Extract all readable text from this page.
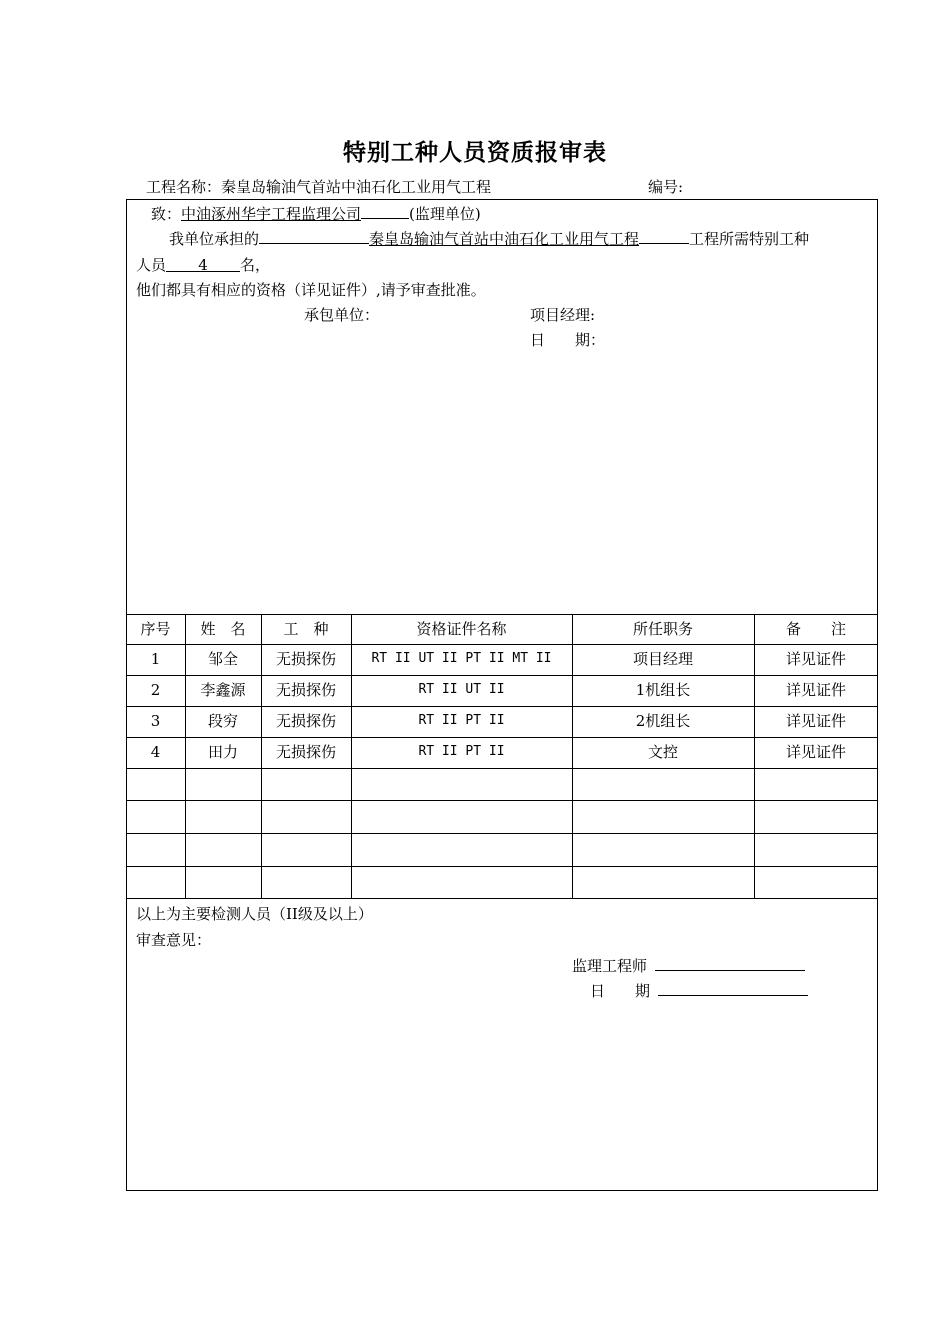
特别工种人员资质报审表
工程名称：秦皇岛输油气首站中油石化工业用气工程	编号:
致：中油涿州华宇工程监理公司	(监理单位)
我单位承担的	秦皇岛输油气首站中油石化工业用气工程	工程所需特别工种
人员 4 名，
他们都具有相应的资格（详见证件）,请予审查批准。
承包单位：	项目经理:
日　　期：
序号	姓　名	工　种	资格证件名称	所任职务	备　　注
1	邹全	无损探伤	RT II UT II PT II MT II	项目经理	详见证件
2	李鑫源	无损探伤	RT II UT II	1机组长	详见证件
3	段穷	无损探伤	RT II PT II	2机组长	详见证件
4	田力	无损探伤	RT II PT II	文控	详见证件
以上为主要检测人员（II级及以上）
审查意见：
监理工程师
日　　期
